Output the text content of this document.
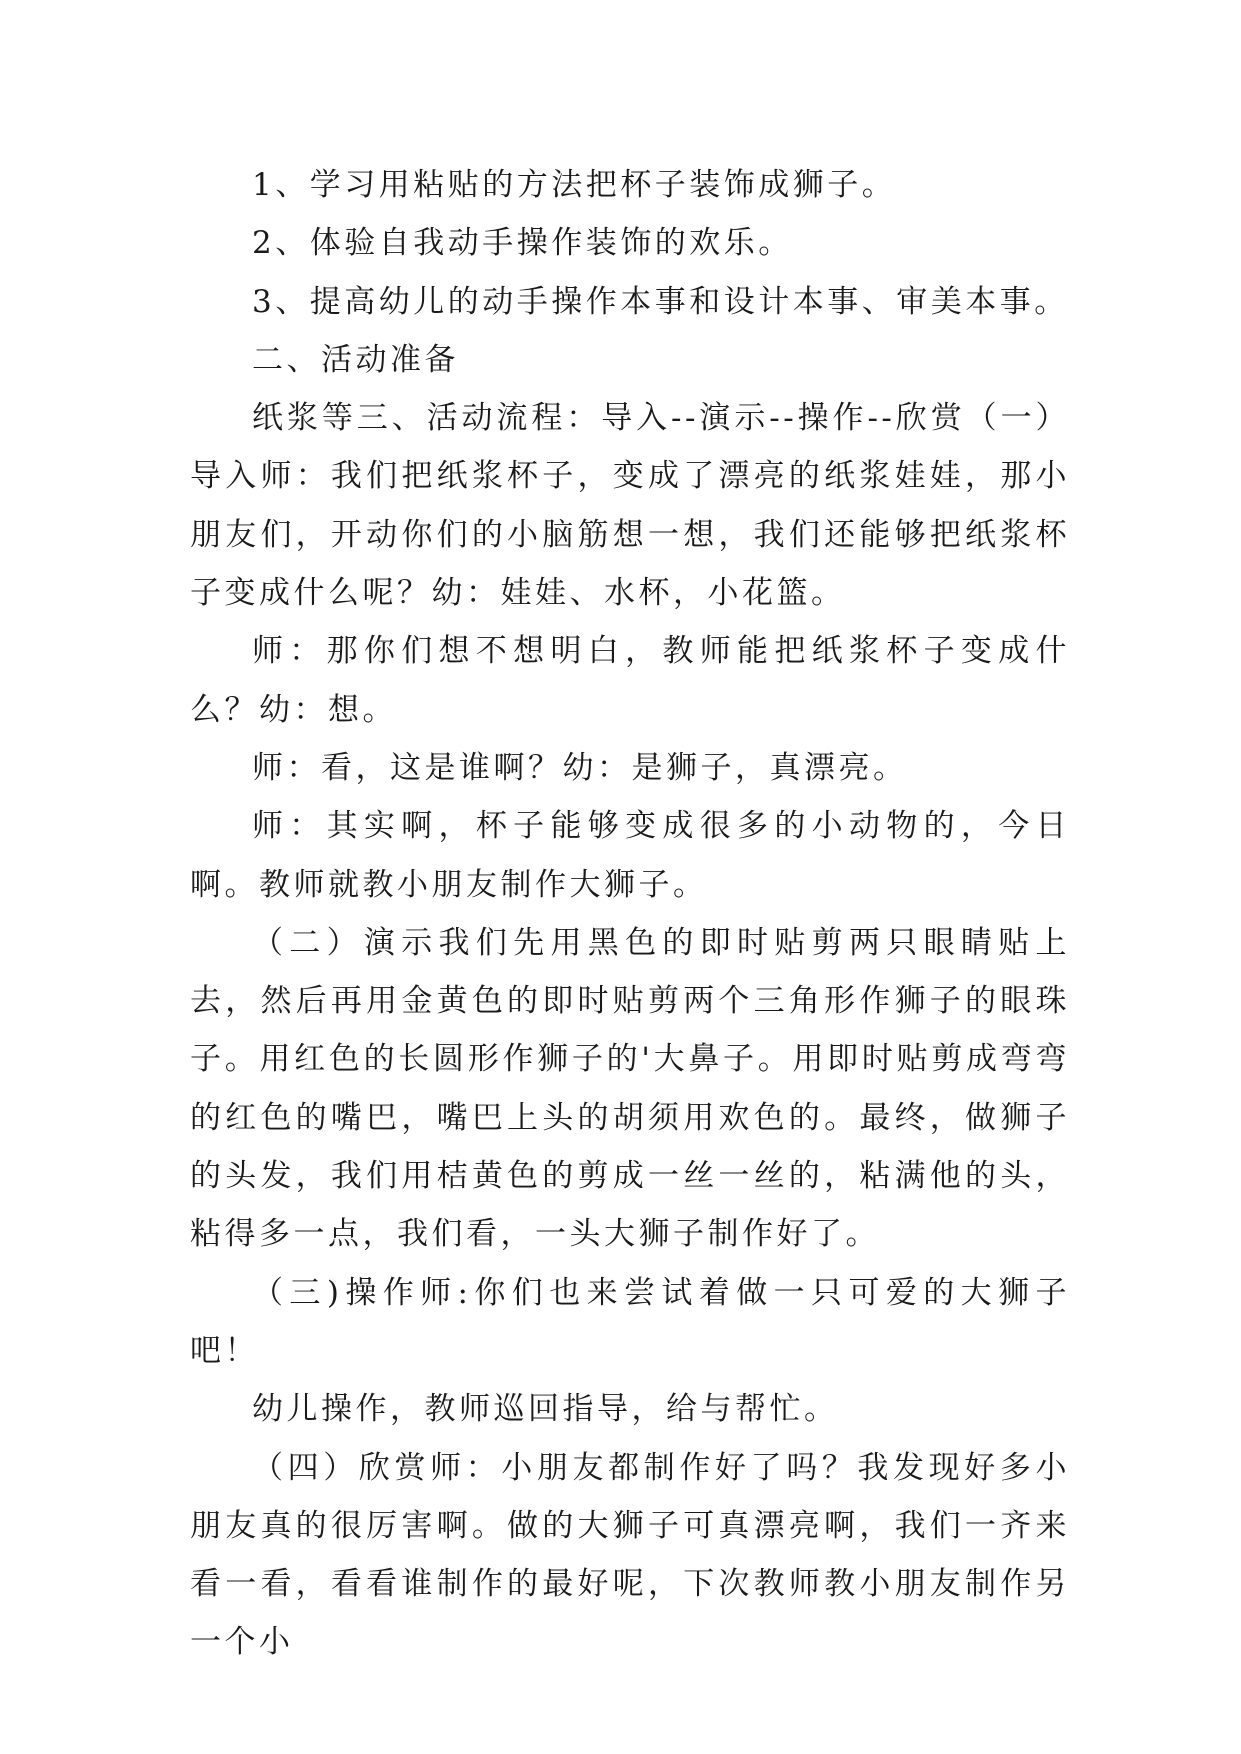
1、学习用粘贴的方法把杯子装饰成狮子。

2、体验自我动手操作装饰的欢乐。

3、提高幼儿的动手操作本事和设计本事、审美本事。

二、活动准备

纸浆等三、活动流程：导入--演示--操作--欣赏（一）导入师：我们把纸浆杯子，变成了漂亮的纸浆娃娃，那小朋友们，开动你们的小脑筋想一想，我们还能够把纸浆杯子变成什么呢？幼：娃娃、水杯，小花篮。

师：那你们想不想明白，教师能把纸浆杯子变成什么？幼：想。

师：看，这是谁啊？幼：是狮子，真漂亮。

师：其实啊，杯子能够变成很多的小动物的，今日啊。教师就教小朋友制作大狮子。

（二）演示我们先用黑色的即时贴剪两只眼睛贴上去，然后再用金黄色的即时贴剪两个三角形作狮子的眼珠子。用红色的长圆形作狮子的'大鼻子。用即时贴剪成弯弯的红色的嘴巴，嘴巴上头的胡须用欢色的。最终，做狮子的头发，我们用桔黄色的剪成一丝一丝的，粘满他的头，粘得多一点，我们看，一头大狮子制作好了。

（三)操作师:你们也来尝试着做一只可爱的大狮子吧！

幼儿操作，教师巡回指导，给与帮忙。

（四）欣赏师：小朋友都制作好了吗？我发现好多小朋友真的很厉害啊。做的大狮子可真漂亮啊，我们一齐来看一看，看看谁制作的最好呢，下次教师教小朋友制作另一个小
